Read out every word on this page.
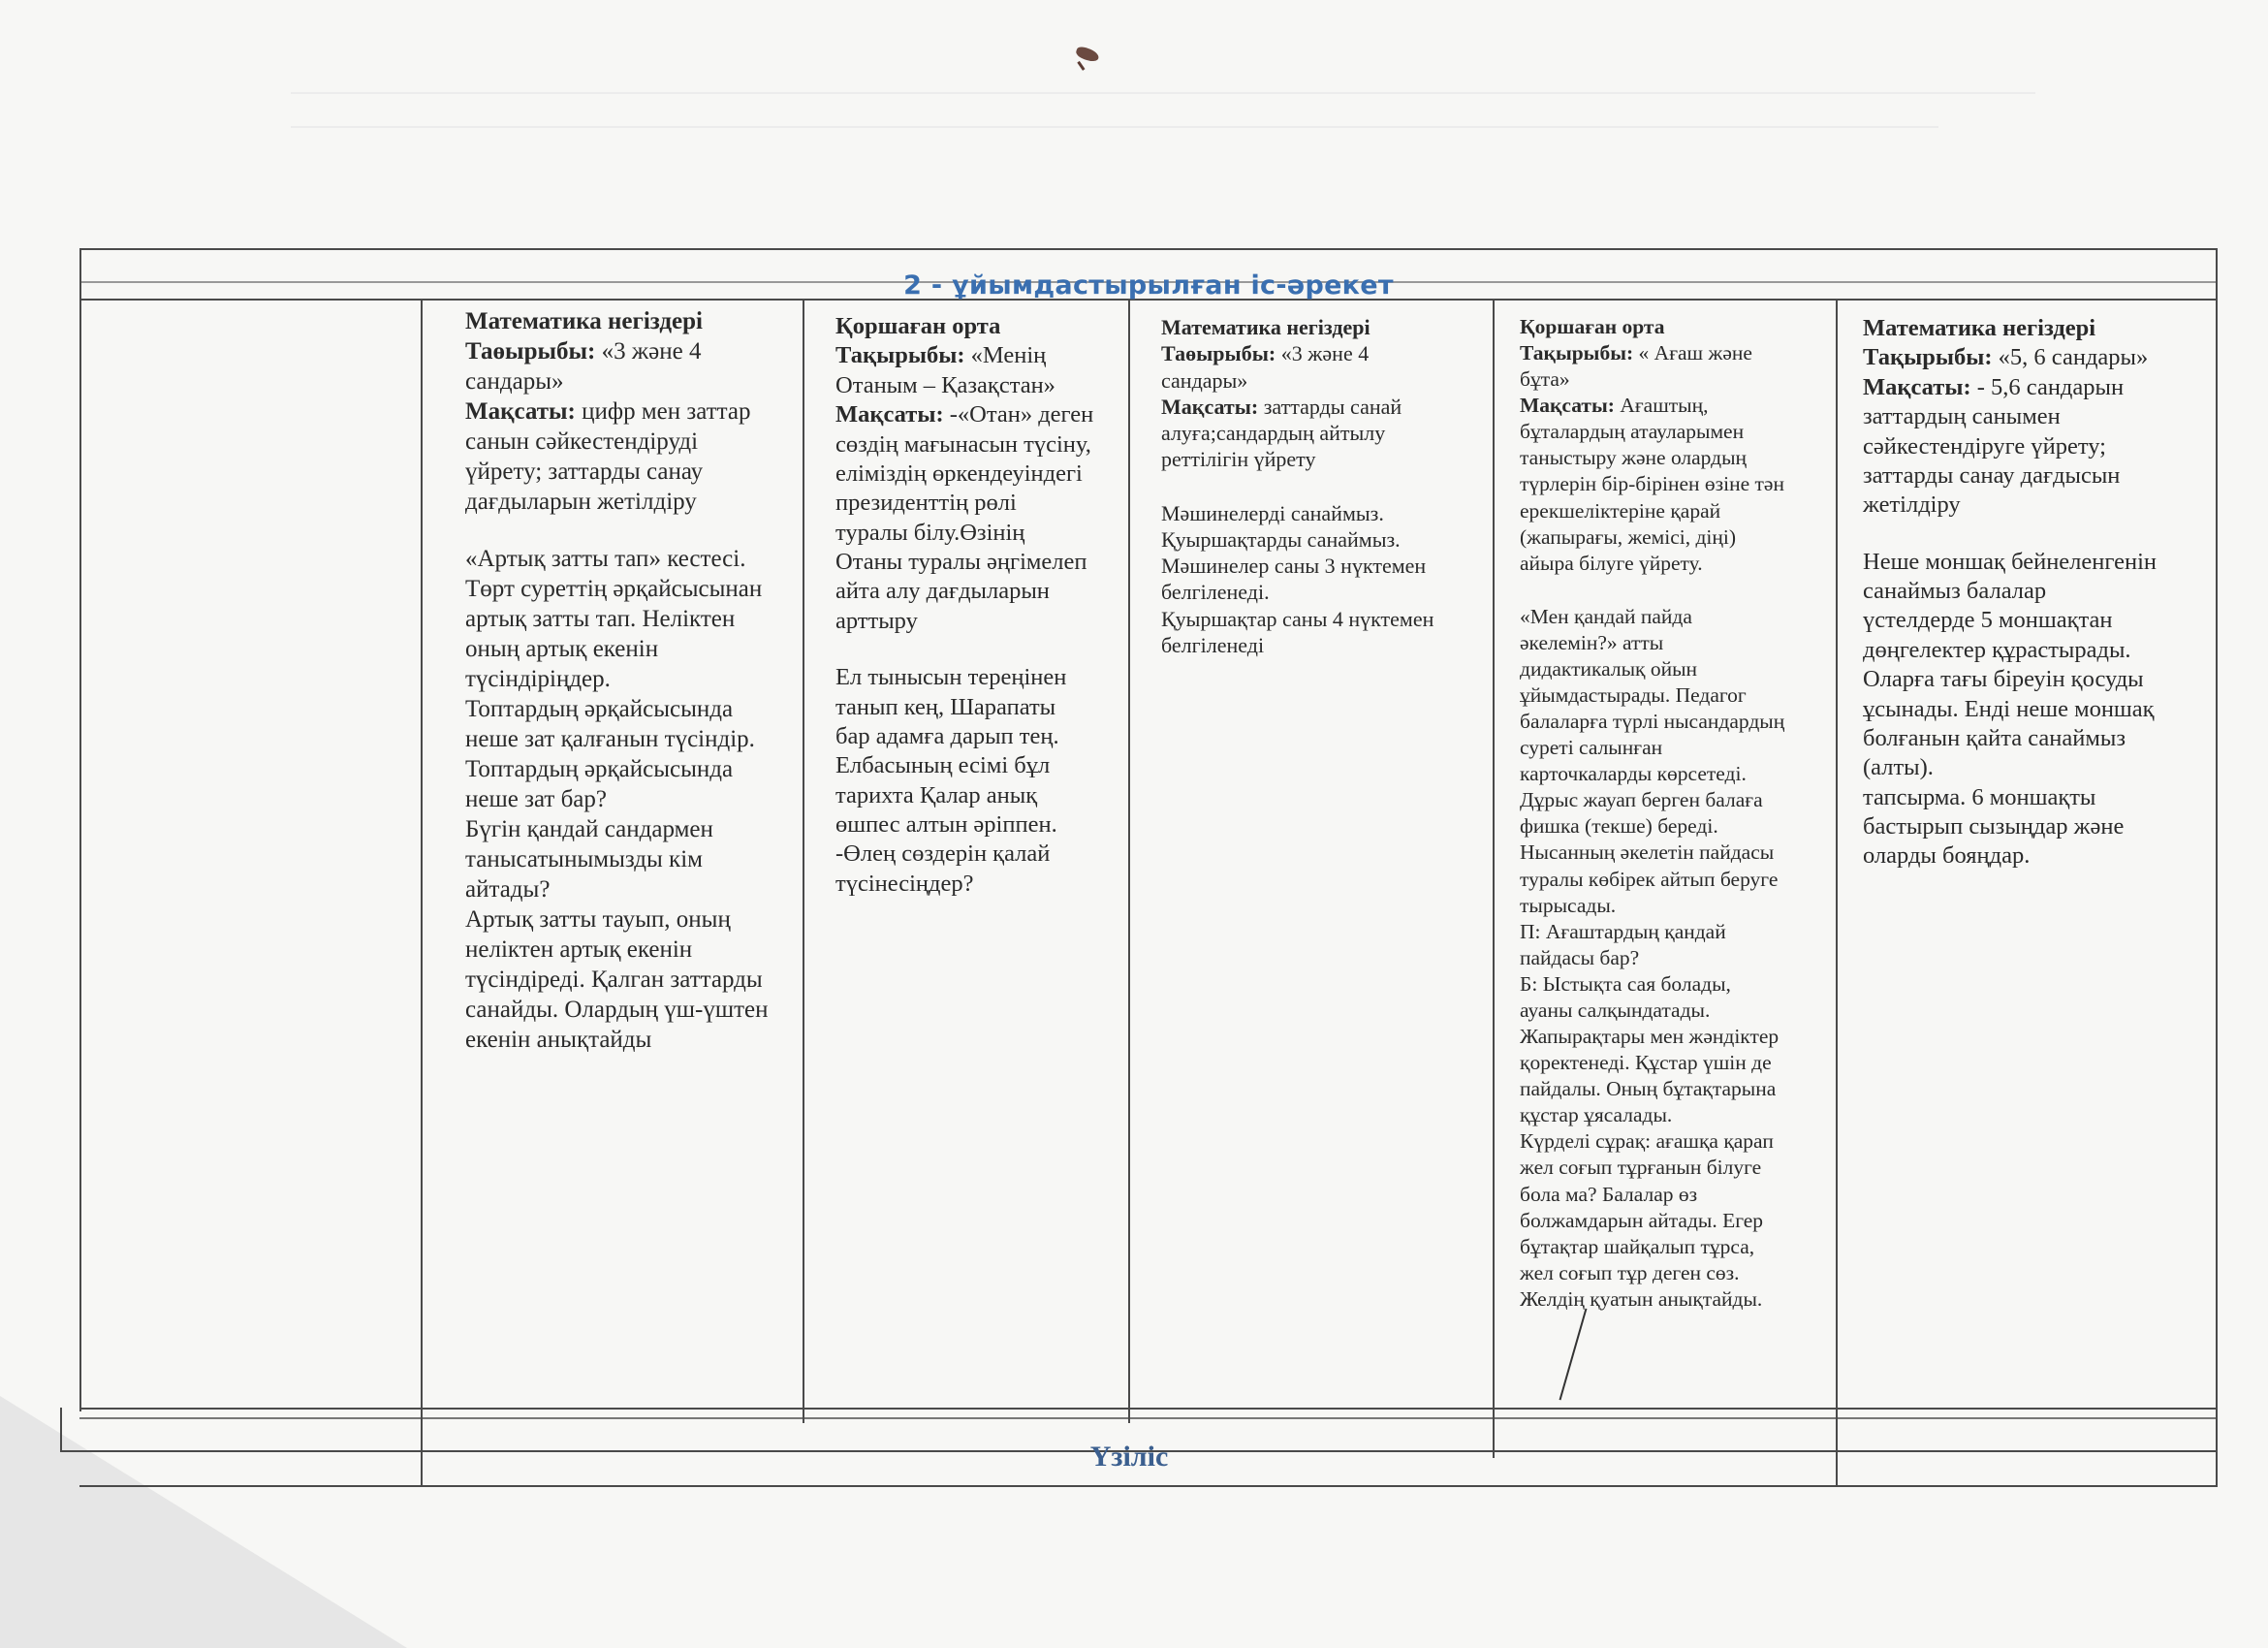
2 - ұйымдастырылған іс-әрекет
Математика негіздері
Таөырыбы: «3 және 4
сандары»
Мақсаты: цифр мен заттар
санын сәйкестендіруді
үйрету; заттарды санау
дағдыларын жетілдіру
«Артық затты тап» кестесі.
Төрт суреттің әрқайсысынан
артық затты тап. Неліктен
оның артық екенін
түсіндіріңдер.
Топтардың әрқайсысында
неше зат қалғанын түсіндір.
Топтардың әрқайсысында
неше зат бар?
Бүгін қандай сандармен
танысатынымызды кім
айтады?
Артық затты тауып, оның
неліктен артық екенін
түсіндіреді. Қалган заттарды
санайды. Олардың үш-үштен
екенін анықтайды
Қоршаған орта
Тақырыбы: «Менің
Отаным – Қазақстан»
Мақсаты: -«Отан» деген
сөздің мағынасын түсіну,
еліміздің өркендеуіндегі
президенттің рөлі
туралы білу.Өзінің
Отаны туралы әңгімелеп
айта алу дағдыларын
арттыру
Ел тынысын тереңінен
танып кең, Шарапаты
бар адамға дарып тең.
Елбасының есімі бұл
тарихта Қалар анық
өшпес алтын әріппен.
-Өлең сөздерін қалай
түсінесіңдер?
Математика негіздері
Таөырыбы: «3 және 4
сандары»
Мақсаты: заттарды санай
алуға;сандардың айтылу
реттілігін үйрету
Мәшинелерді санаймыз.
Қуыршақтарды санаймыз.
Мәшинелер саны 3 нүктемен
белгіленеді.
Қуыршақтар саны 4 нүктемен
белгіленеді
Қоршаған орта
Тақырыбы: « Ағаш және
бұта»
Мақсаты: Ағаштың,
бұталардың атауларымен
таныстыру және олардың
түрлерін бір-бірінен өзіне тән
ерекшеліктеріне қарай
(жапырағы, жемісі, діңі)
айыра білуге үйрету.
«Мен қандай пайда
әкелемін?» атты
дидактикалық ойын
ұйымдастырады. Педагог
балаларға түрлі нысандардың
суреті салынған
карточкаларды көрсетеді.
Дұрыс жауап берген балаға
фишка (текше) береді.
Нысанның әкелетін пайдасы
туралы көбірек айтып беруге
тырысады.
П: Ағаштардың қандай
пайдасы бар?
Б: Ыстықта сая болады,
ауаны салқындатады.
Жапырақтары мен жәндіктер
қоректенеді. Құстар үшін де
пайдалы. Оның бұтақтарына
құстар ұясалады.
Күрделі сұрақ: ағашқа қарап
жел соғып тұрғанын білуге
бола ма? Балалар өз
болжамдарын айтады. Егер
бұтақтар шайқалып тұрса,
жел соғып тұр деген сөз.
Желдің қуатын анықтайды.
Математика негіздері
Тақырыбы: «5, 6 сандары»
Мақсаты: - 5,6 сандарын
заттардың санымен
сәйкестендіруге үйрету;
заттарды санау дағдысын
жетілдіру
Неше моншақ бейнеленгенін
санаймыз балалар
үстелдерде 5 моншақтан
дөңгелектер құрастырады.
Оларға тағы біреуін қосуды
ұсынады. Енді неше моншақ
болғанын қайта санаймыз
(алты).
тапсырма. 6 моншақты
бастырып сызыңдар және
оларды бояңдар.
Үзіліс
